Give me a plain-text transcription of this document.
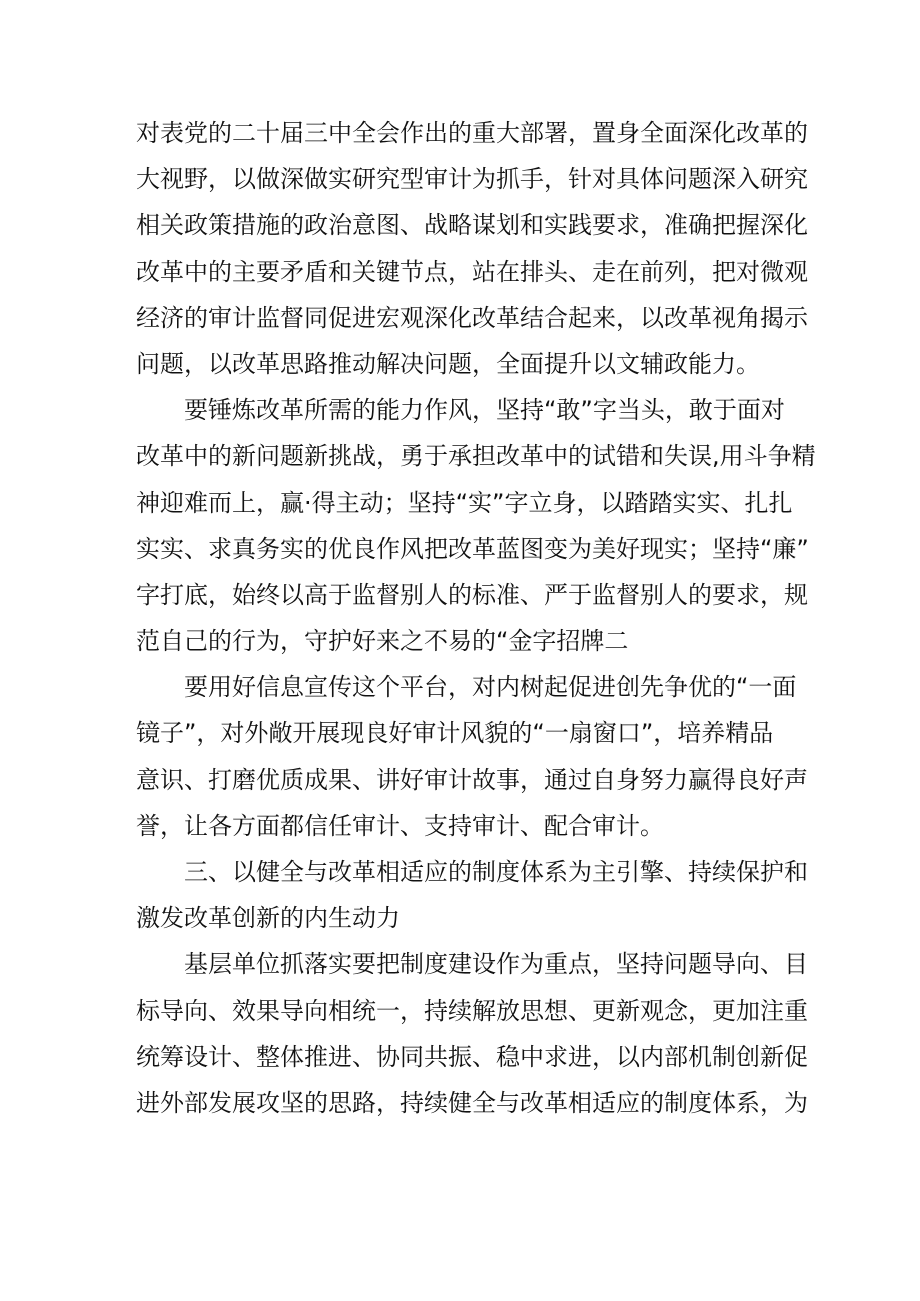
对表党的二十届三中全会作出的重大部署，置身全面深化改革的
大视野，以做深做实研究型审计为抓手，针对具体问题深入研究
相关政策措施的政治意图、战略谋划和实践要求，准确把握深化
改革中的主要矛盾和关键节点，站在排头、走在前列，把对微观
经济的审计监督同促进宏观深化改革结合起来，以改革视角揭示
问题，以改革思路推动解决问题，全面提升以文辅政能力。
要锤炼改革所需的能力作风，坚持“敢”字当头，敢于面对
改革中的新问题新挑战，勇于承担改革中的试错和失误,用斗争精
神迎难而上，赢·得主动；坚持“实”字立身，以踏踏实实、扎扎
实实、求真务实的优良作风把改革蓝图变为美好现实；坚持“廉”
字打底，始终以高于监督别人的标准、严于监督别人的要求，规
范自己的行为，守护好来之不易的“金字招牌二
要用好信息宣传这个平台，对内树起促进创先争优的“一面
镜子”，对外敞开展现良好审计风貌的“一扇窗口”，培养精品
意识、打磨优质成果、讲好审计故事，通过自身努力赢得良好声
誉，让各方面都信任审计、支持审计、配合审计。
三、以健全与改革相适应的制度体系为主引擎、持续保护和
激发改革创新的内生动力
基层单位抓落实要把制度建设作为重点，坚持问题导向、目
标导向、效果导向相统一，持续解放思想、更新观念，更加注重
统筹设计、整体推进、协同共振、稳中求进，以内部机制创新促
进外部发展攻坚的思路，持续健全与改革相适应的制度体系，为
